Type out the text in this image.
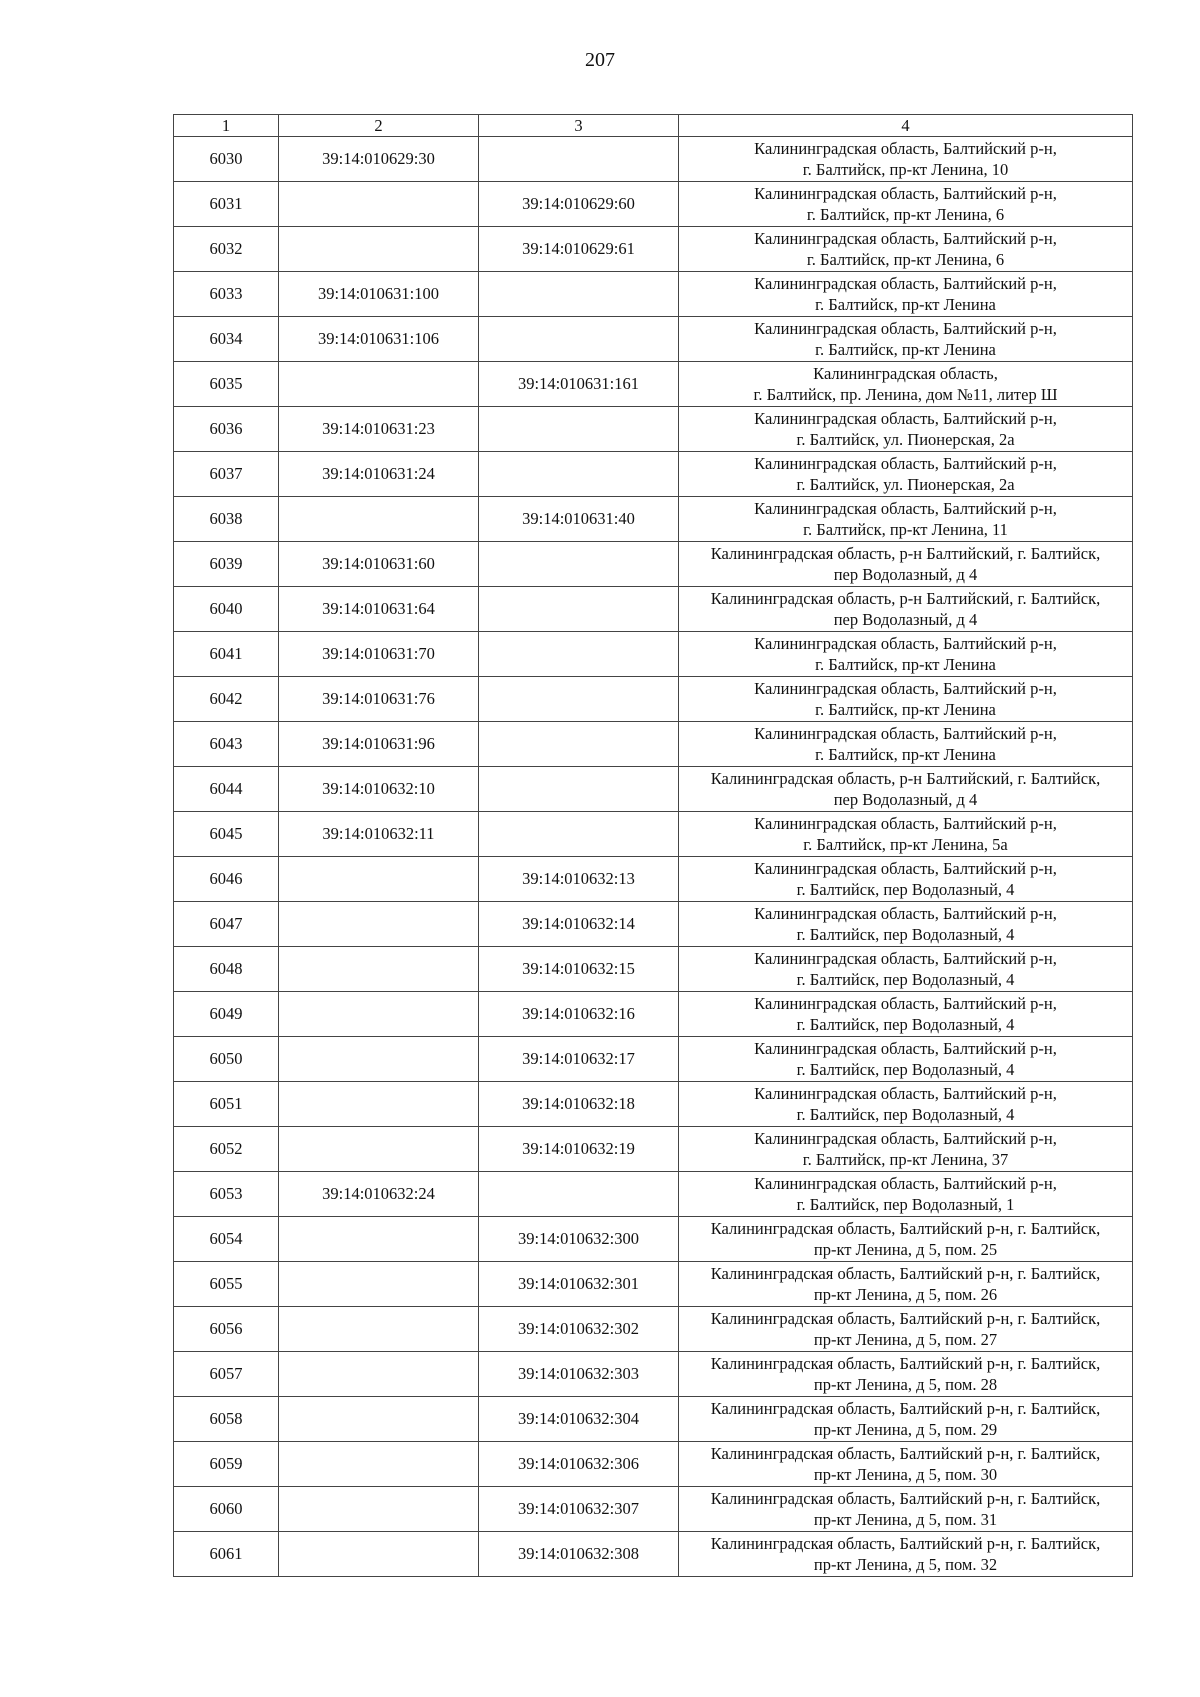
207
1	2	3	4
6030	39:14:010629:30		Калининградская область, Балтийский р-н,
г. Балтийск, пр-кт Ленина, 10

6031		39:14:010629:60	Калининградская область, Балтийский р-н,
г. Балтийск, пр-кт Ленина, 6

6032		39:14:010629:61	Калининградская область, Балтийский р-н,
г. Балтийск, пр-кт Ленина, 6

6033	39:14:010631:100		Калининградская область, Балтийский р-н,
г. Балтийск, пр-кт Ленина

6034	39:14:010631:106		Калининградская область, Балтийский р-н,
г. Балтийск, пр-кт Ленина

6035		39:14:010631:161	Калининградская область,
г. Балтийск, пр. Ленина, дом №11, литер Ш

6036	39:14:010631:23		Калининградская область, Балтийский р-н,
г. Балтийск, ул. Пионерская, 2а

6037	39:14:010631:24		Калининградская область, Балтийский р-н,
г. Балтийск, ул. Пионерская, 2а

6038		39:14:010631:40	Калининградская область, Балтийский р-н,
г. Балтийск, пр-кт Ленина, 11

6039	39:14:010631:60		Калининградская область, р-н Балтийский, г. Балтийск,
пер Водолазный, д 4

6040	39:14:010631:64		Калининградская область, р-н Балтийский, г. Балтийск,
пер Водолазный, д 4

6041	39:14:010631:70		Калининградская область, Балтийский р-н,
г. Балтийск, пр-кт Ленина

6042	39:14:010631:76		Калининградская область, Балтийский р-н,
г. Балтийск, пр-кт Ленина

6043	39:14:010631:96		Калининградская область, Балтийский р-н,
г. Балтийск, пр-кт Ленина

6044	39:14:010632:10		Калининградская область, р-н Балтийский, г. Балтийск,
пер Водолазный, д 4

6045	39:14:010632:11		Калининградская область, Балтийский р-н,
г. Балтийск, пр-кт Ленина, 5а

6046		39:14:010632:13	Калининградская область, Балтийский р-н,
г. Балтийск, пер Водолазный, 4

6047		39:14:010632:14	Калининградская область, Балтийский р-н,
г. Балтийск, пер Водолазный, 4

6048		39:14:010632:15	Калининградская область, Балтийский р-н,
г. Балтийск, пер Водолазный, 4

6049		39:14:010632:16	Калининградская область, Балтийский р-н,
г. Балтийск, пер Водолазный, 4

6050		39:14:010632:17	Калининградская область, Балтийский р-н,
г. Балтийск, пер Водолазный, 4

6051		39:14:010632:18	Калининградская область, Балтийский р-н,
г. Балтийск, пер Водолазный, 4

6052		39:14:010632:19	Калининградская область, Балтийский р-н,
г. Балтийск, пр-кт Ленина, 37

6053	39:14:010632:24		Калининградская область, Балтийский р-н,
г. Балтийск, пер Водолазный, 1

6054		39:14:010632:300	Калининградская область, Балтийский р-н, г. Балтийск,
пр-кт Ленина, д 5, пом. 25

6055		39:14:010632:301	Калининградская область, Балтийский р-н, г. Балтийск,
пр-кт Ленина, д 5, пом. 26

6056		39:14:010632:302	Калининградская область, Балтийский р-н, г. Балтийск,
пр-кт Ленина, д 5, пом. 27

6057		39:14:010632:303	Калининградская область, Балтийский р-н, г. Балтийск,
пр-кт Ленина, д 5, пом. 28

6058		39:14:010632:304	Калининградская область, Балтийский р-н, г. Балтийск,
пр-кт Ленина, д 5, пом. 29

6059		39:14:010632:306	Калининградская область, Балтийский р-н, г. Балтийск,
пр-кт Ленина, д 5, пом. 30

6060		39:14:010632:307	Калининградская область, Балтийский р-н, г. Балтийск,
пр-кт Ленина, д 5, пом. 31

6061		39:14:010632:308	Калининградская область, Балтийский р-н, г. Балтийск,
пр-кт Ленина, д 5, пом. 32
